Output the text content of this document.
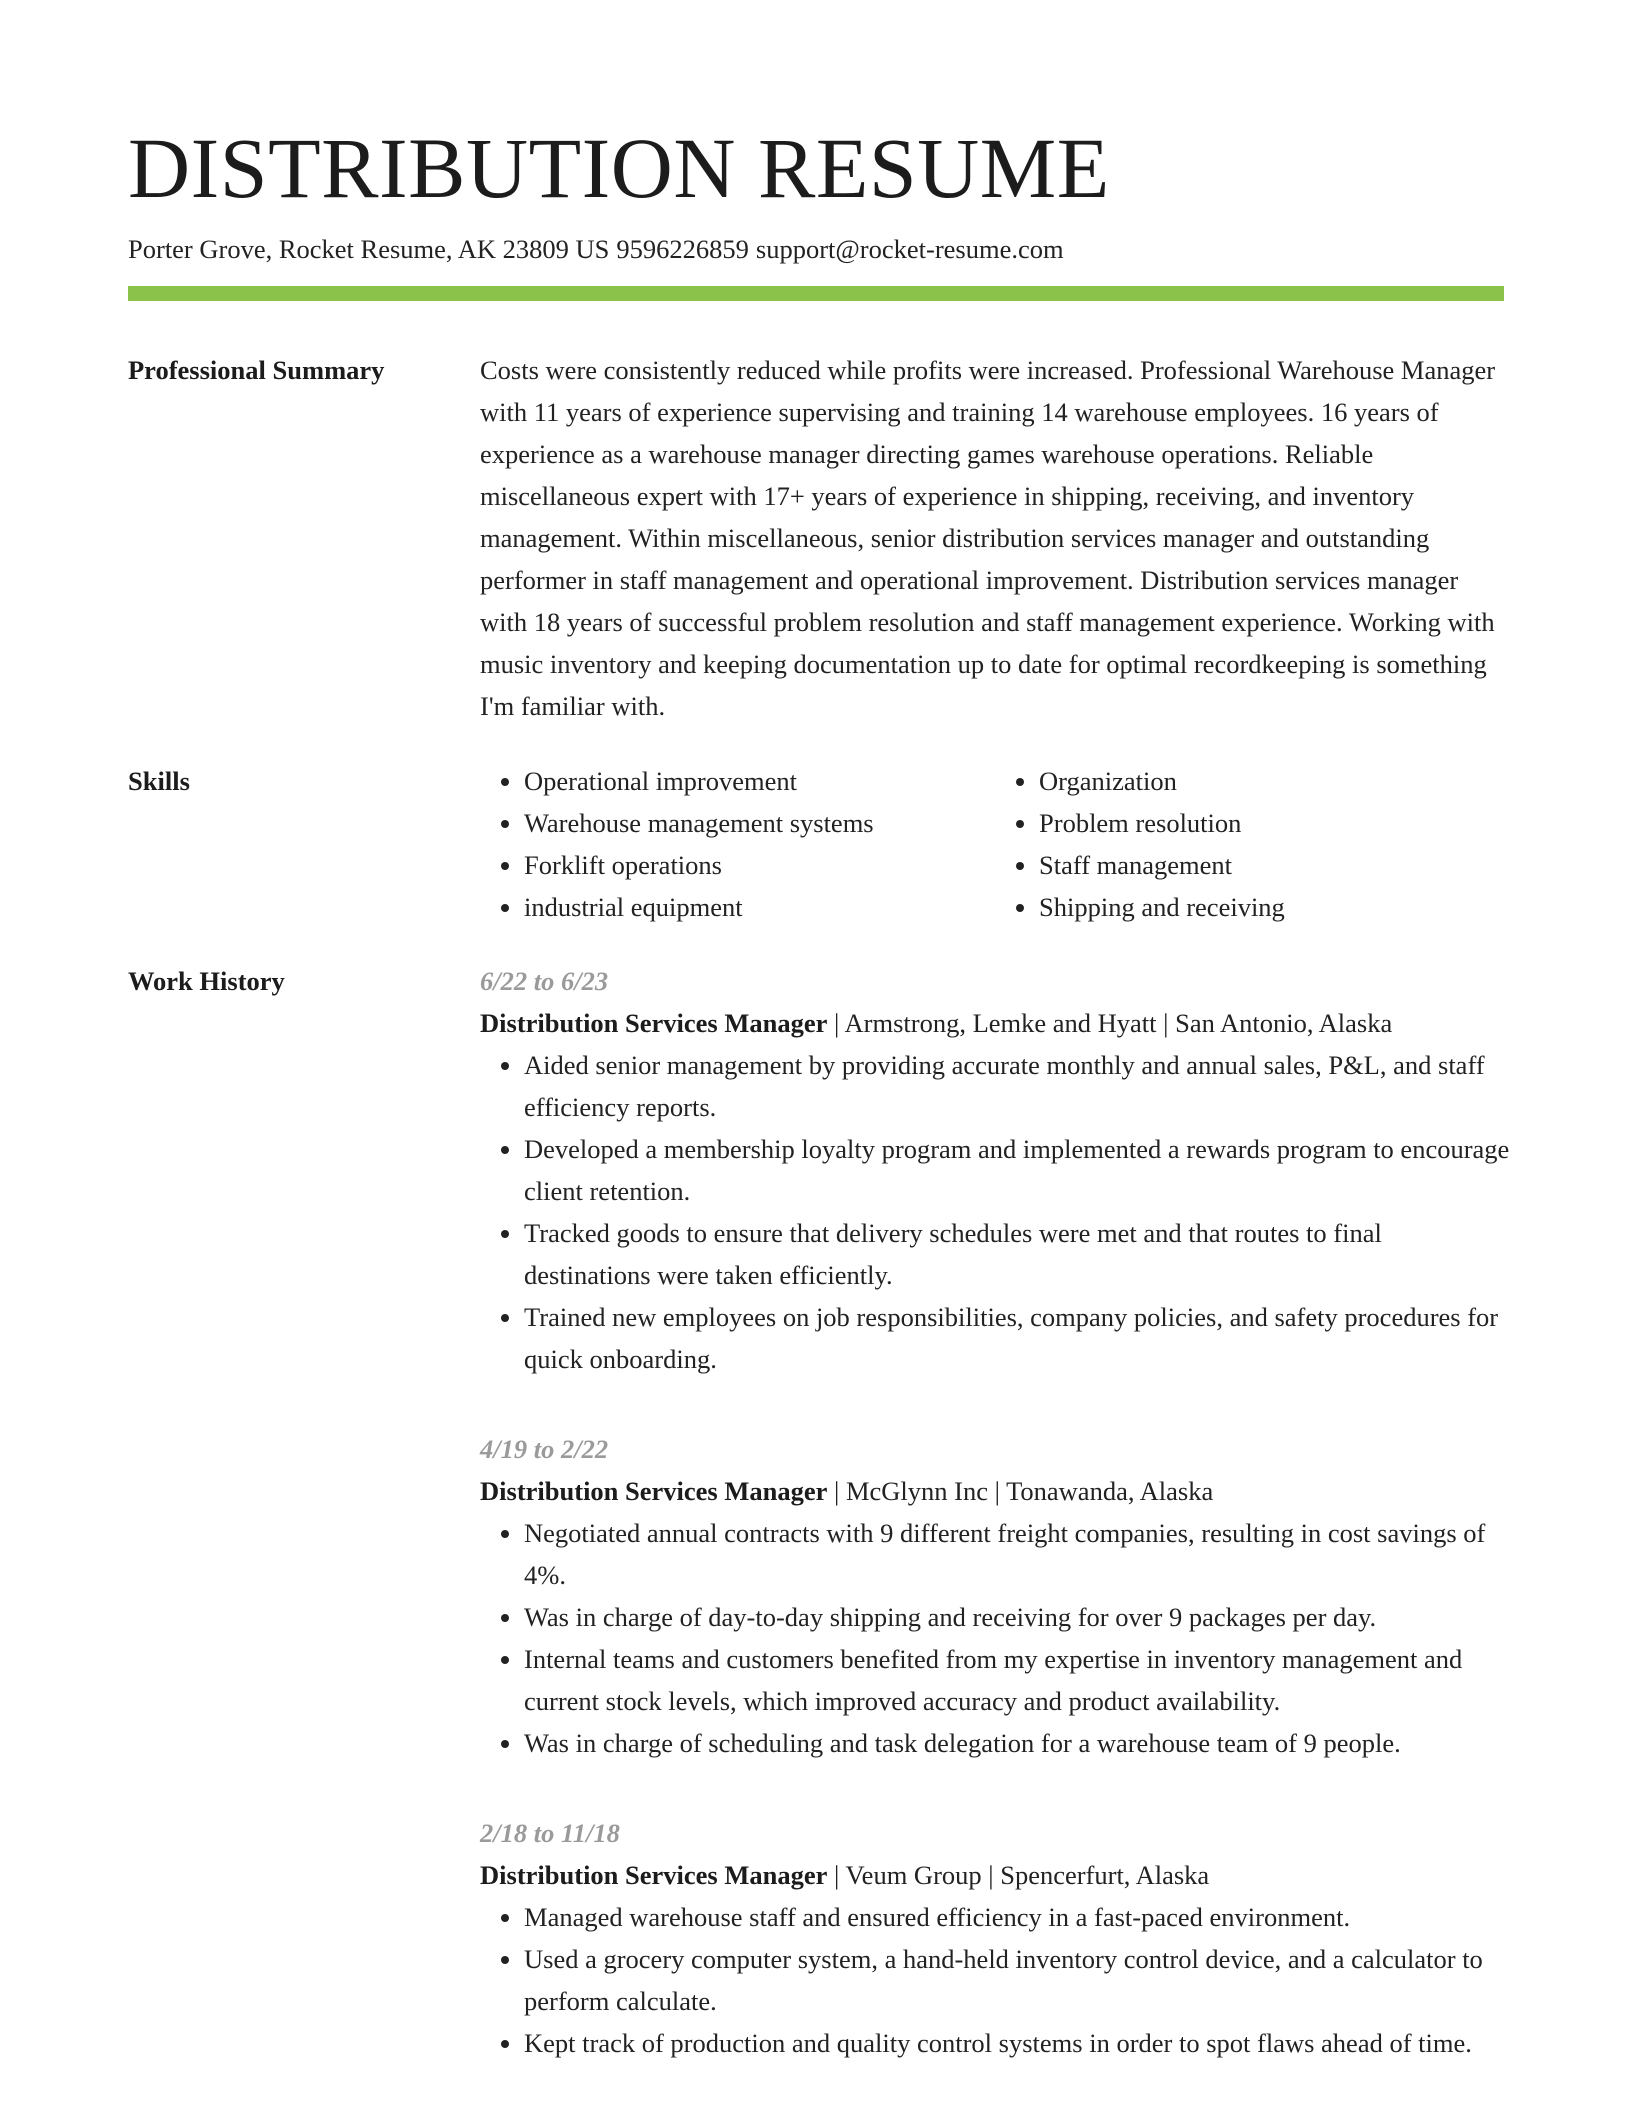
DISTRIBUTION RESUME
Porter Grove, Rocket Resume, AK 23809 US 9596226859 support@rocket-resume.com
Professional Summary	Costs were consistently reduced while profits were increased. Professional Warehouse Manager with 11 years of experience supervising and training 14 warehouse employees. 16 years of experience as a warehouse manager directing games warehouse operations. Reliable miscellaneous expert with 17+ years of experience in shipping, receiving, and inventory management. Within miscellaneous, senior distribution services manager and outstanding performer in staff management and operational improvement. Distribution services manager with 18 years of successful problem resolution and staff management experience. Working with music inventory and keeping documentation up to date for optimal recordkeeping is something I'm familiar with.

Skills
•	Operational improvement
• Warehouse management systems
• Forklift operations
• industrial equipment
• Organization
• Problem resolution
• Staff management
• Shipping and receiving
Work History	6/22 to 6/23
Distribution Services Manager | Armstrong, Lemke and Hyatt | San Antonio, Alaska
• Aided senior management by providing accurate monthly and annual sales, P&L, and staff efficiency reports.
• Developed a membership loyalty program and implemented a rewards program to encourage client retention.
• Tracked goods to ensure that delivery schedules were met and that routes to final destinations were taken efficiently.
• Trained new employees on job responsibilities, company policies, and safety procedures for quick onboarding.
4/19 to 2/22
Distribution Services Manager | McGlynn Inc | Tonawanda, Alaska
• Negotiated annual contracts with 9 different freight companies, resulting in cost savings of 4%.
• Was in charge of day-to-day shipping and receiving for over 9 packages per day.
• Internal teams and customers benefited from my expertise in inventory management and current stock levels, which improved accuracy and product availability.
• Was in charge of scheduling and task delegation for a warehouse team of 9 people.
2/18 to 11/18
Distribution Services Manager | Veum Group | Spencerfurt, Alaska
• Managed warehouse staff and ensured efficiency in a fast-paced environment.
• Used a grocery computer system, a hand-held inventory control device, and a calculator to perform calculate.
• Kept track of production and quality control systems in order to spot flaws ahead of time.
